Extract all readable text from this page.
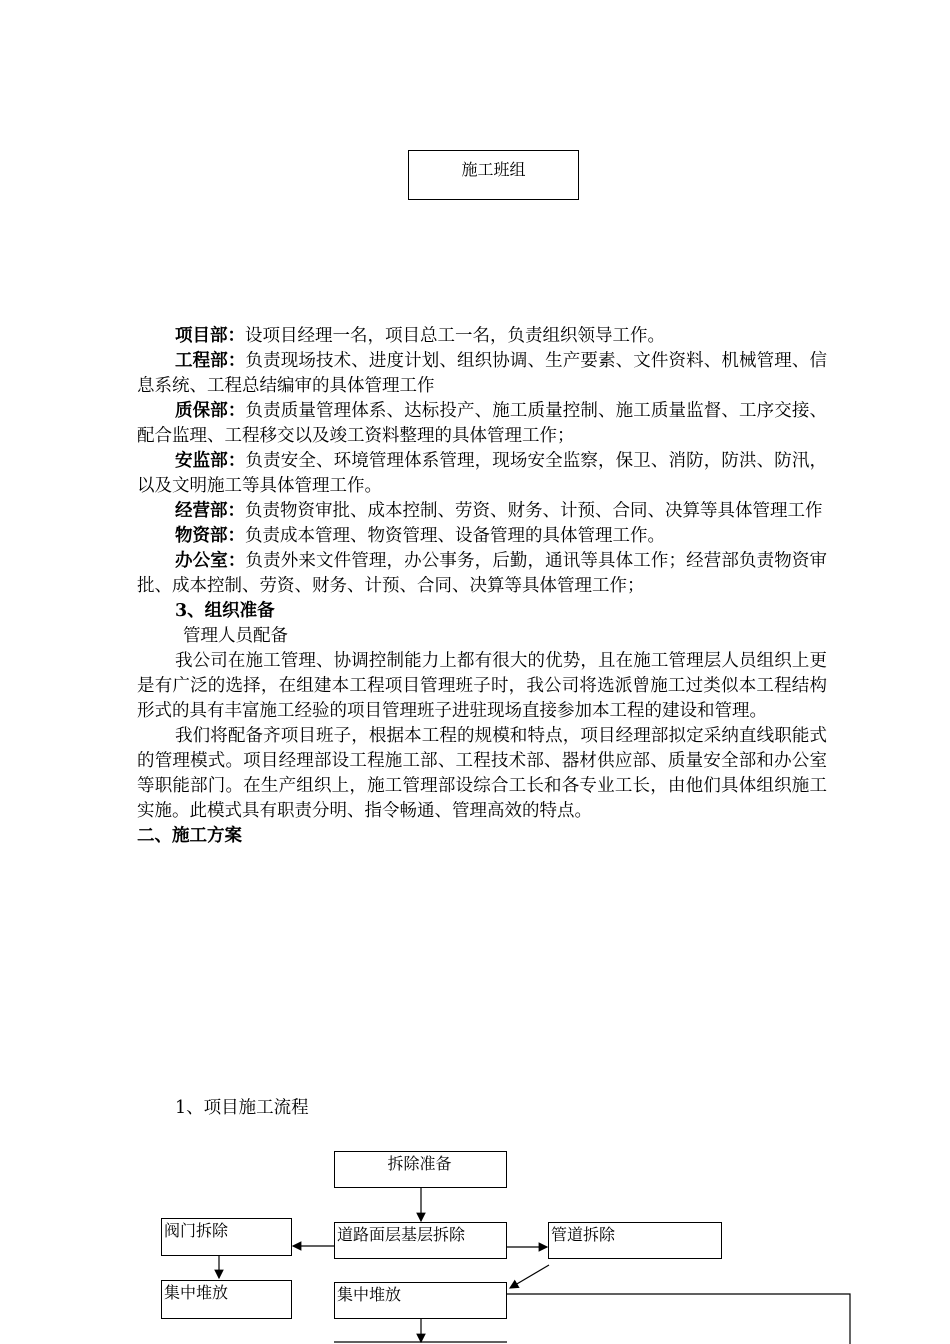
施工班组

项目部：设项目经理一名，项目总工一名，负责组织领导工作。

工程部：负责现场技术、进度计划、组织协调、生产要素、文件资料、机械管理、信息系统、工程总结编审的具体管理工作

质保部：负责质量管理体系、达标投产、施工质量控制、施工质量监督、工序交接、配合监理、工程移交以及竣工资料整理的具体管理工作；

安监部：负责安全、环境管理体系管理，现场安全监察，保卫、消防，防洪、防汛，以及文明施工等具体管理工作。

经营部：负责物资审批、成本控制、劳资、财务、计预、合同、决算等具体管理工作

物资部：负责成本管理、物资管理、设备管理的具体管理工作。

办公室：负责外来文件管理，办公事务，后勤，通讯等具体工作；经营部负责物资审批、成本控制、劳资、财务、计预、合同、决算等具体管理工作；

3、组织准备

管理人员配备

我公司在施工管理、协调控制能力上都有很大的优势，且在施工管理层人员组织上更是有广泛的选择，在组建本工程项目管理班子时，我公司将选派曾施工过类似本工程结构形式的具有丰富施工经验的项目管理班子进驻现场直接参加本工程的建设和管理。

我们将配备齐项目班子，根据本工程的规模和特点，项目经理部拟定采纳直线职能式的管理模式。项目经理部设工程施工部、工程技术部、器材供应部、质量安全部和办公室等职能部门。在生产组织上，施工管理部设综合工长和各专业工长，由他们具体组织施工实施。此模式具有职责分明、指令畅通、管理高效的特点。

二、施工方案

1、项目施工流程
拆除准备
道路面层基层拆除
阀门拆除	管道拆除
集中堆放	集中堆放
